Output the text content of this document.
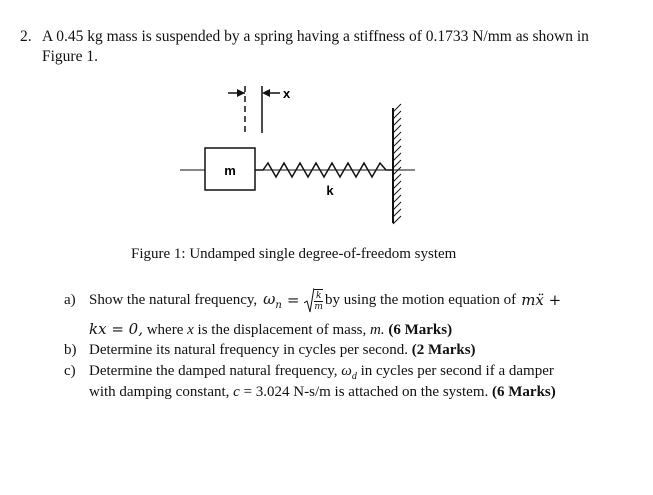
2. A 0.45 kg mass is suspended by a spring having a stiffness of 0.1733 N/mm as shown in
Figure 1.
x
m
k
Figure 1: Undamped single degree-of-freedom system
a) Show the natural frequency, $\omega_n = \frac{k}{m}$ by using the motion equation of mẍ +
kx = 0, where x is the displacement of mass, m. (6 Marks)
b) Determine its natural frequency in cycles per second. (2 Marks)
c) Determine the damped natural frequency, $\omega_d$ in cycles per second if a damper
with damping constant, c = 3.024 N-s/m is attached on the system. (6 Marks)
